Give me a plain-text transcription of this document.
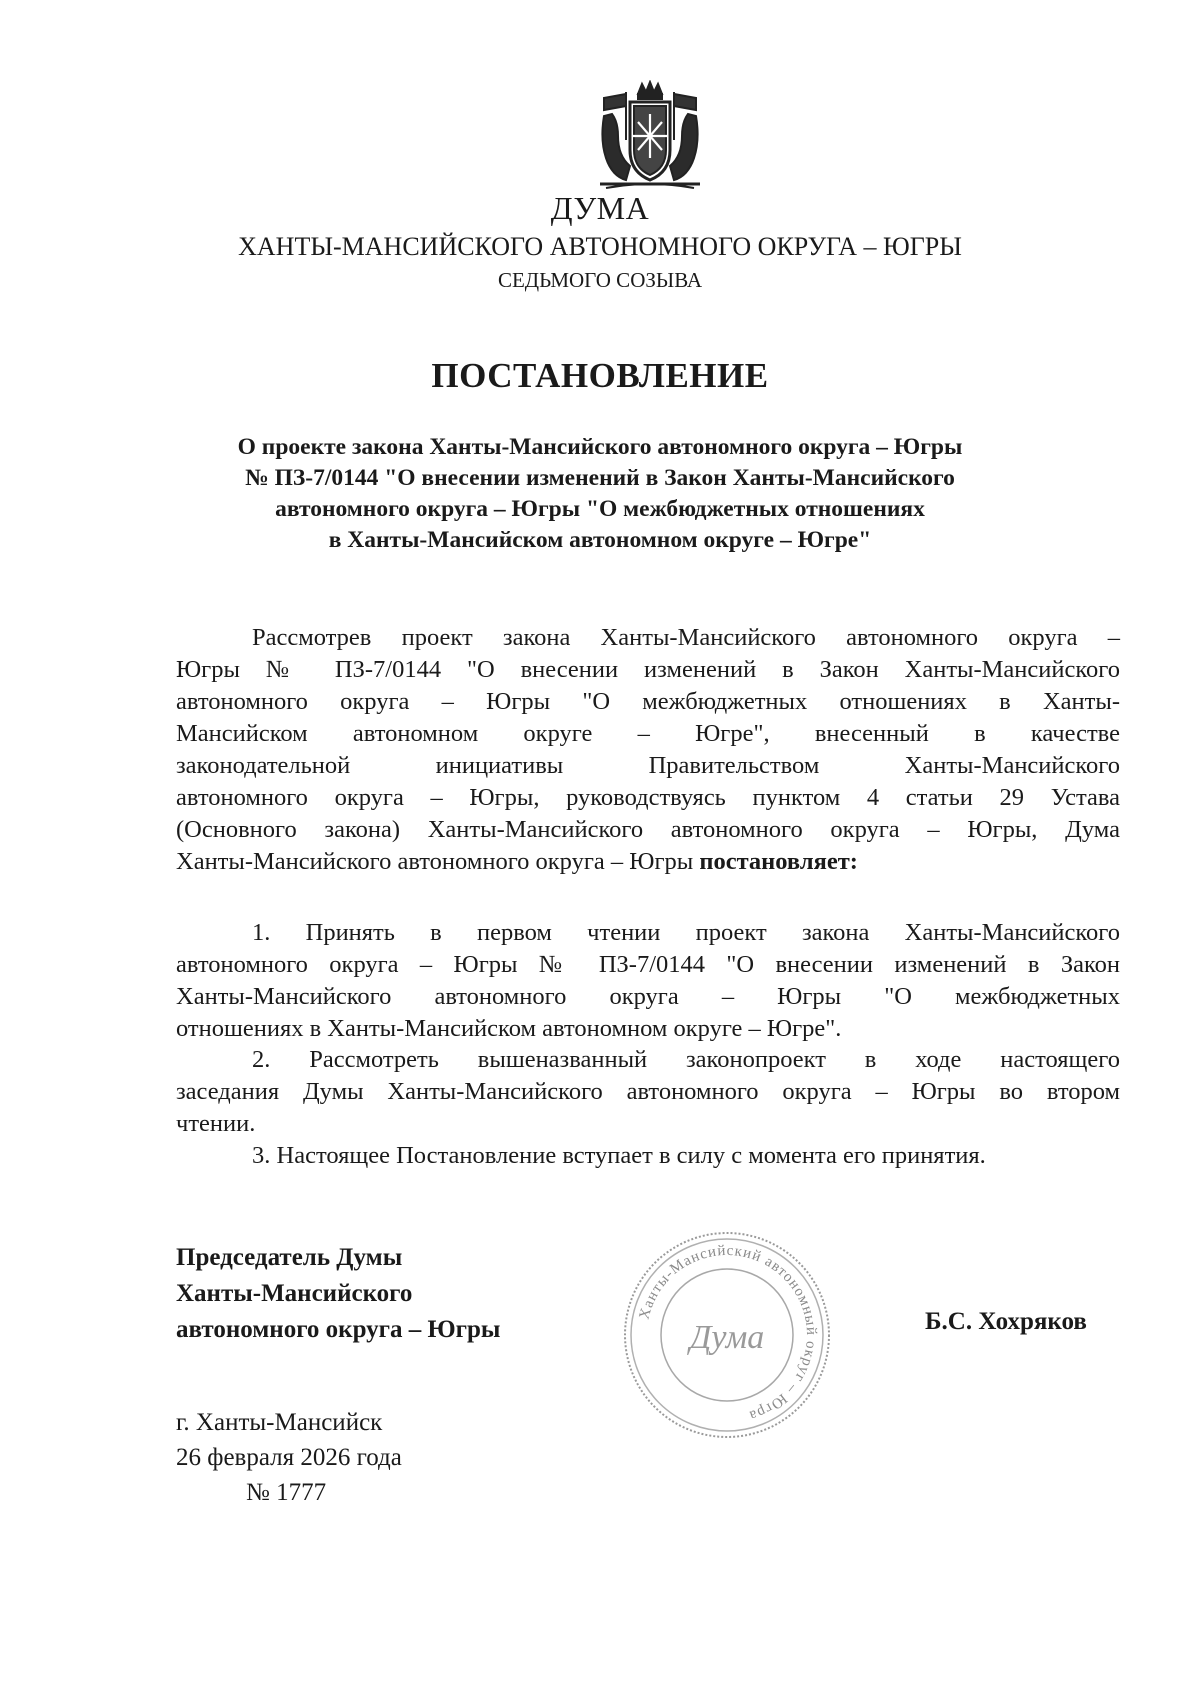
ДУМА
ХАНТЫ-МАНСИЙСКОГО АВТОНОМНОГО ОКРУГА – ЮГРЫ
СЕДЬМОГО СОЗЫВА
ПОСТАНОВЛЕНИЕ
О проекте закона Ханты-Мансийского автономного округа – Югры
№ ПЗ-7/0144 "О внесении изменений в Закон Ханты-Мансийского
автономного округа – Югры "О межбюджетных отношениях
в Ханты-Мансийском автономном округе – Югре"
Рассмотрев проект закона Ханты-Мансийского автономного округа –
Югры № ПЗ-7/0144 "О внесении изменений в Закон Ханты-Мансийского
автономного округа – Югры "О межбюджетных отношениях в Ханты-
Мансийском автономном округе – Югре", внесенный в качестве
законодательной инициативы Правительством Ханты-Мансийского
автономного округа – Югры, руководствуясь пунктом 4 статьи 29 Устава
(Основного закона) Ханты-Мансийского автономного округа – Югры, Дума
Ханты-Мансийского автономного округа – Югры постановляет:
1. Принять в первом чтении проект закона Ханты-Мансийского
автономного округа – Югры № ПЗ-7/0144 "О внесении изменений в Закон
Ханты-Мансийского автономного округа – Югры "О межбюджетных
отношениях в Ханты-Мансийском автономном округе – Югре".
2. Рассмотреть вышеназванный законопроект в ходе настоящего
заседания Думы Ханты-Мансийского автономного округа – Югры во втором
чтении.
3. Настоящее Постановление вступает в силу с момента его принятия.
Председатель Думы
Ханты-Мансийского
автономного округа – Югры
Ханты-Мансийский автономный округ – Югра
Дума	Б.С. Хохряков
г. Ханты-Мансийск
26 февраля 2026 года
№ 1777
